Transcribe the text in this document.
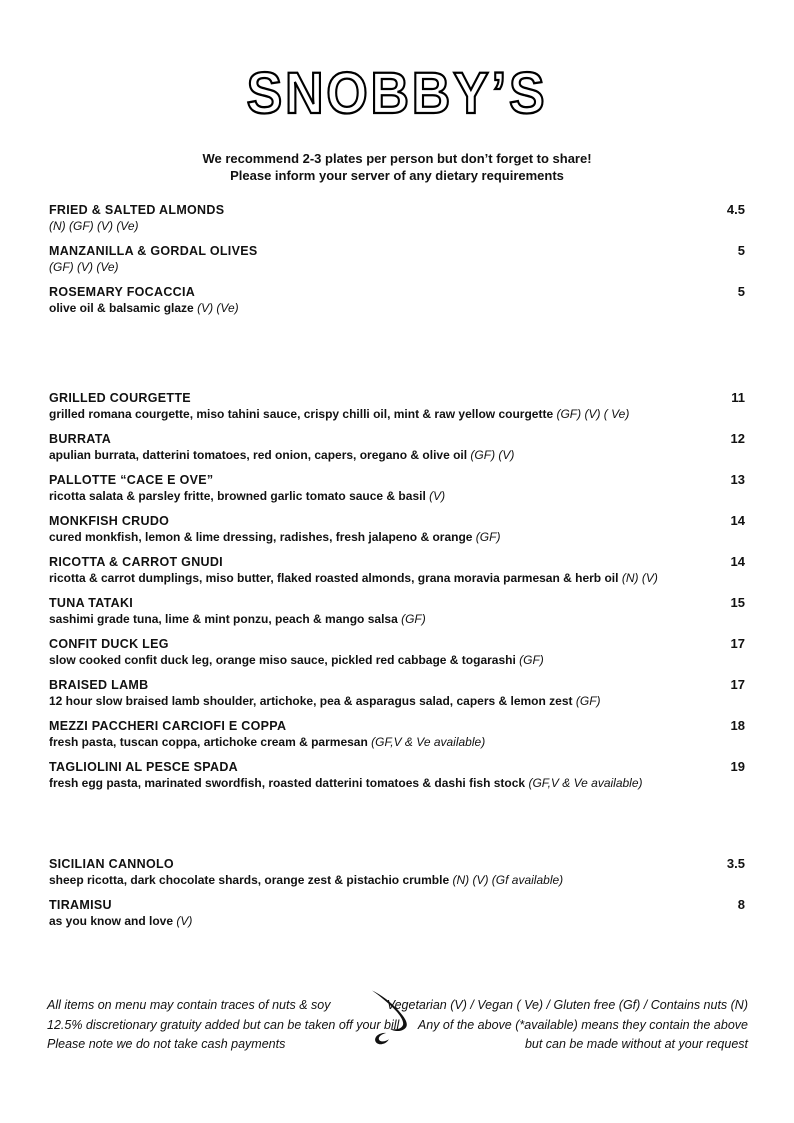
SNOBBY’S
We recommend 2-3 plates per person but don’t forget to share!
Please inform your server of any dietary requirements
FRIED & SALTED ALMONDS	4.5
(N) (GF) (V) (Ve)
MANZANILLA & GORDAL OLIVES	5
(GF) (V) (Ve)
ROSEMARY FOCACCIA	5
olive oil & balsamic glaze (V) (Ve)
GRILLED COURGETTE	11
grilled romana courgette, miso tahini sauce, crispy chilli oil, mint & raw yellow courgette (GF) (V) ( Ve)
BURRATA	12
apulian burrata, datterini tomatoes, red onion, capers, oregano & olive oil (GF) (V)
PALLOTTE “CACE E OVE”	13
ricotta salata & parsley fritte, browned garlic tomato sauce & basil (V)
MONKFISH CRUDO	14
cured monkfish, lemon & lime dressing, radishes, fresh jalapeno & orange (GF)
RICOTTA & CARROT GNUDI	14
ricotta & carrot dumplings, miso butter, flaked roasted almonds, grana moravia parmesan & herb oil (N) (V)
TUNA TATAKI	15
sashimi grade tuna, lime & mint ponzu, peach & mango salsa (GF)
CONFIT DUCK LEG	17
slow cooked confit duck leg, orange miso sauce, pickled red cabbage & togarashi (GF)
BRAISED LAMB	17
12 hour slow braised lamb shoulder, artichoke, pea & asparagus salad, capers & lemon zest (GF)
MEZZI PACCHERI CARCIOFI E COPPA	18
fresh pasta, tuscan coppa, artichoke cream & parmesan (GF,V & Ve available)
TAGLIOLINI AL PESCE SPADA	19
fresh egg pasta, marinated swordfish, roasted datterini tomatoes & dashi fish stock (GF,V & Ve available)
SICILIAN CANNOLO	3.5
sheep ricotta, dark chocolate shards, orange zest & pistachio crumble (N) (V) (Gf available)
TIRAMISU	8
as you know and love (V)
All items on menu may contain traces of nuts & soy
12.5% discretionary gratuity added but can be taken off your bill
Please note we do not take cash payments
Vegetarian (V) / Vegan ( Ve) / Gluten free (Gf) / Contains nuts (N)
Any of the above (*available) means they contain the above
but can be made without at your request
